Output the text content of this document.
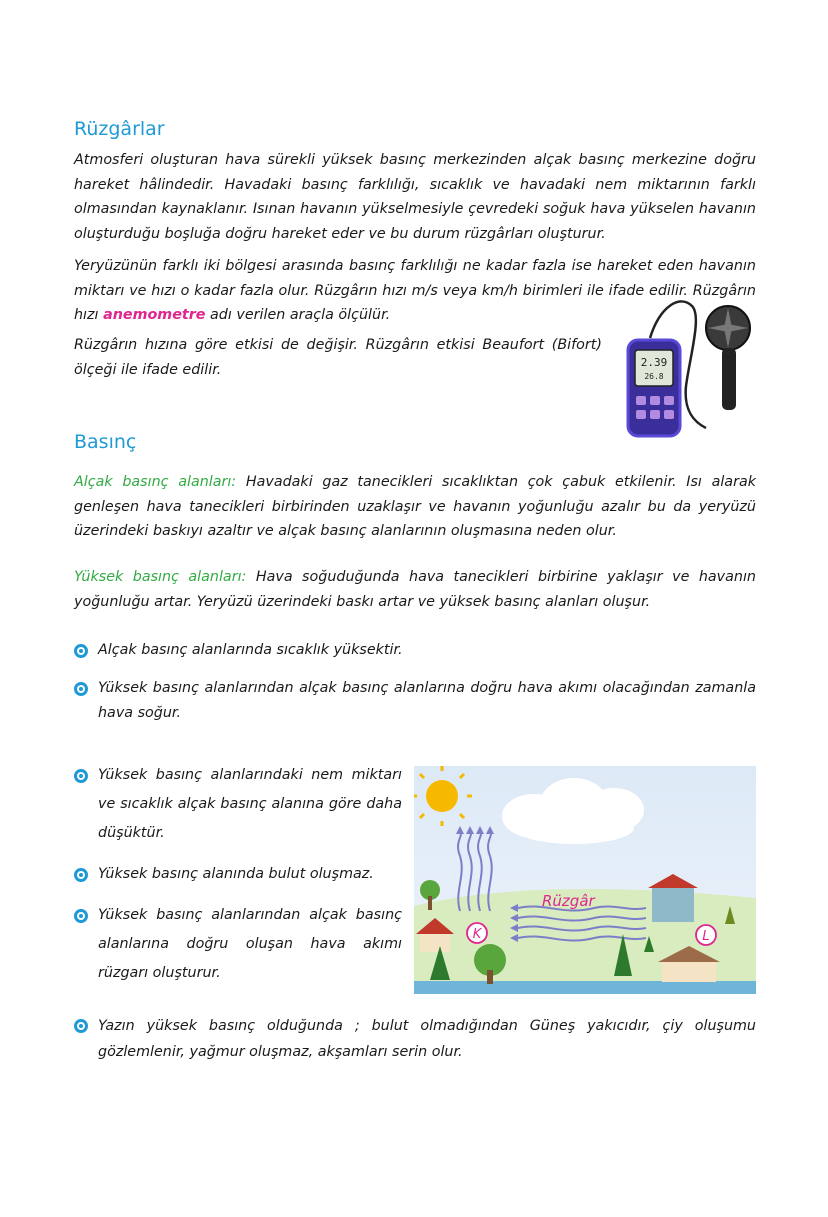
Rüzgârlar

Atmosferi oluşturan hava sürekli yüksek basınç merkezinden alçak basınç merkezine doğru hareket hâlindedir. Havadaki basınç farklılığı, sıcaklık ve havadaki nem miktarının farklı olmasından kaynaklanır. Isınan havanın yükselmesiyle çevredeki soğuk hava yükselen havanın oluşturduğu boşluğa doğru hareket eder ve bu durum rüzgârları oluşturur.

Yeryüzünün farklı iki bölgesi arasında basınç farklılığı ne kadar fazla ise hareket eden havanın miktarı ve hızı o kadar fazla olur. Rüzgârın hızı m/s veya km/h birimleri ile ifade edilir. Rüzgârın hızı anemometre adı verilen araçla ölçülür.

Rüzgârın hızına göre etkisi de değişir. Rüzgârın etkisi Beaufort (Bifort) ölçeği ile ifade edilir.	2.39
26.8
Basınç

Alçak basınç alanları: Havadaki gaz tanecikleri sıcaklıktan çok çabuk etkilenir. Isı alarak genleşen hava tanecikleri birbirinden uzaklaşır ve havanın yoğunluğu azalır bu da yeryüzü üzerindeki baskıyı azaltır ve alçak basınç alanlarının oluşmasına neden olur.

Yüksek basınç alanları: Hava soğuduğunda hava tanecikleri birbirine yaklaşır ve havanın yoğunluğu artar. Yeryüzü üzerindeki baskı artar ve yüksek basınç alanları oluşur.

Alçak basınç alanlarında sıcaklık yüksektir.
Yüksek basınç alanlarından alçak basınç alanlarına doğru hava akımı olacağından zamanla hava soğur.
Yüksek basınç alanlarındaki nem miktarı ve sıcaklık alçak basınç alanına göre daha düşüktür.
Yüksek basınç alanında bulut oluşmaz.
Yüksek basınç alanlarından alçak basınç alanlarına doğru oluşan hava akımı rüzgarı oluşturur.
Rüzgâr
K	L
Yazın yüksek basınç olduğunda ; bulut olmadığından Güneş yakıcıdır, çiy oluşumu gözlemlenir, yağmur oluşmaz, akşamları serin olur.
